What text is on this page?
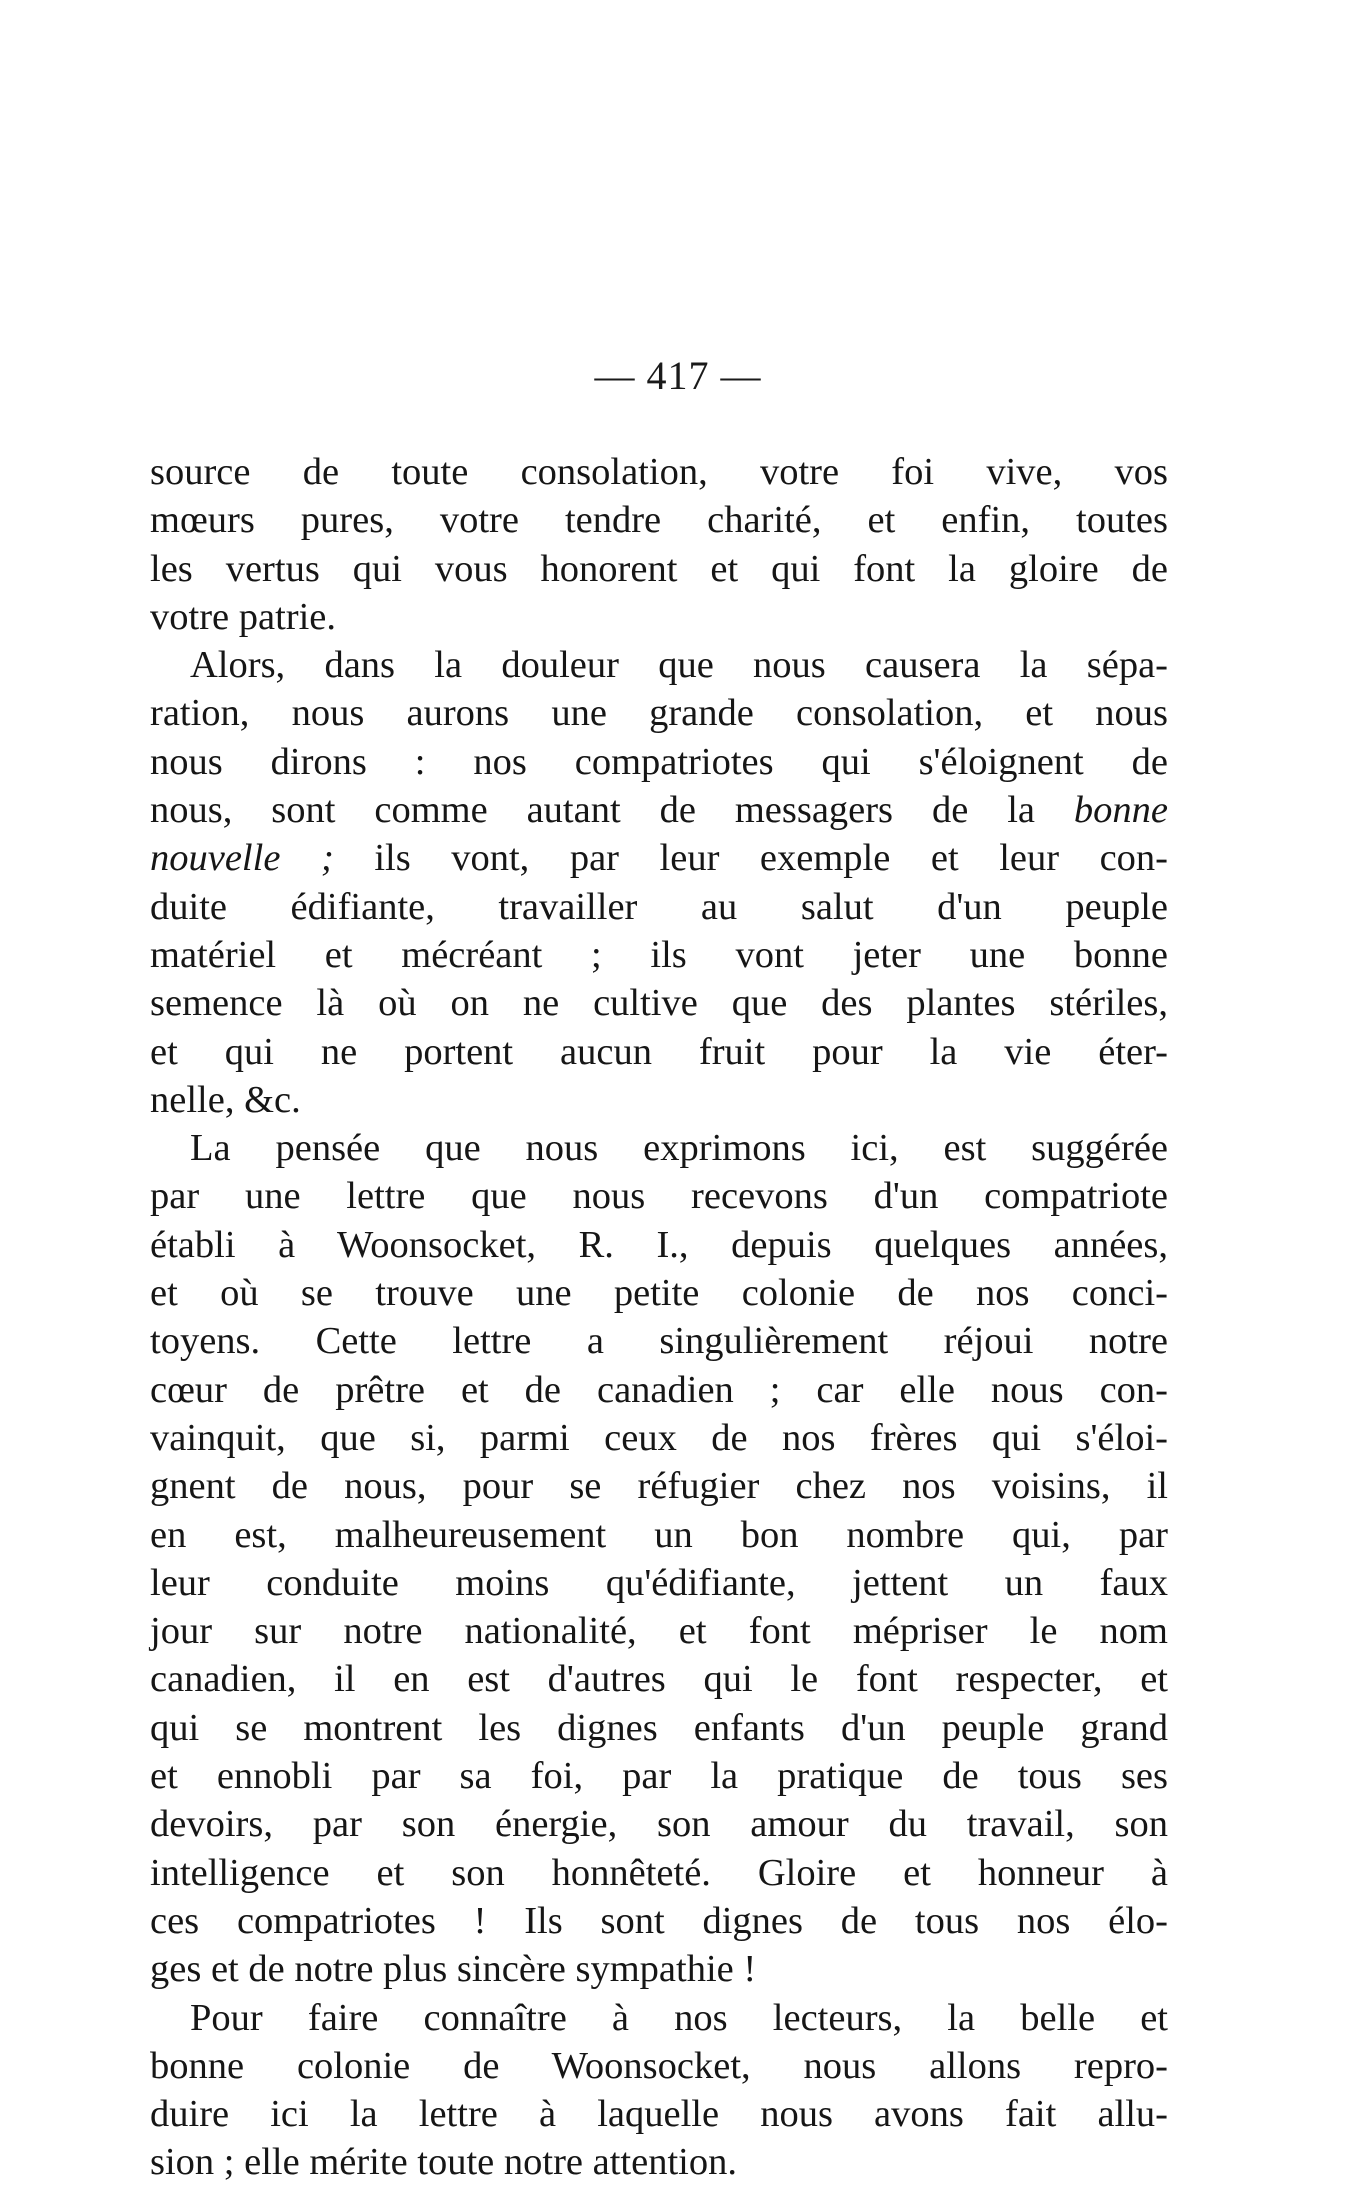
— 417 —
source de toute consolation, votre foi vive, vos
mœurs pures, votre tendre charité, et enfin, toutes
les vertus qui vous honorent et qui font la gloire de
votre patrie.
Alors, dans la douleur que nous causera la sépa-
ration, nous aurons une grande consolation, et nous
nous dirons : nos compatriotes qui s'éloignent de
nous, sont comme autant de messagers de la bonne
nouvelle ; ils vont, par leur exemple et leur con-
duite édifiante, travailler au salut d'un peuple
matériel et mécréant ; ils vont jeter une bonne
semence là où on ne cultive que des plantes stériles,
et qui ne portent aucun fruit pour la vie éter-
nelle, &c.
La pensée que nous exprimons ici, est suggérée
par une lettre que nous recevons d'un compatriote
établi à Woonsocket, R. I., depuis quelques années,
et où se trouve une petite colonie de nos conci-
toyens. Cette lettre a singulièrement réjoui notre
cœur de prêtre et de canadien ; car elle nous con-
vainquit, que si, parmi ceux de nos frères qui s'éloi-
gnent de nous, pour se réfugier chez nos voisins, il
en est, malheureusement un bon nombre qui, par
leur conduite moins qu'édifiante, jettent un faux
jour sur notre nationalité, et font mépriser le nom
canadien, il en est d'autres qui le font respecter, et
qui se montrent les dignes enfants d'un peuple grand
et ennobli par sa foi, par la pratique de tous ses
devoirs, par son énergie, son amour du travail, son
intelligence et son honnêteté. Gloire et honneur à
ces compatriotes ! Ils sont dignes de tous nos élo-
ges et de notre plus sincère sympathie !
Pour faire connaître à nos lecteurs, la belle et
bonne colonie de Woonsocket, nous allons repro-
duire ici la lettre à laquelle nous avons fait allu-
sion ; elle mérite toute notre attention.
